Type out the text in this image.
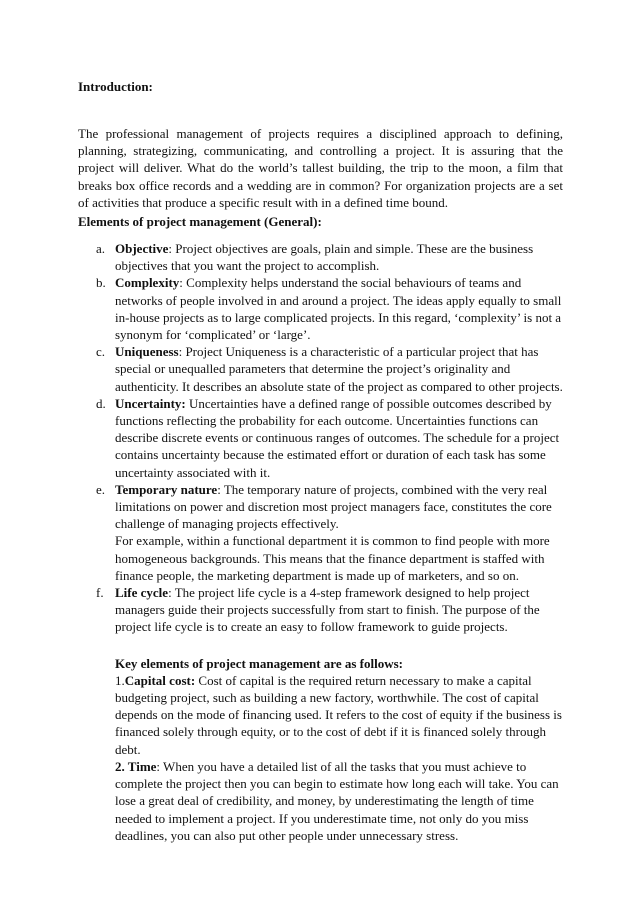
Introduction:
The professional management of projects requires a disciplined approach to defining, planning, strategizing, communicating, and controlling a project. It is assuring that the project will deliver. What do the world’s tallest building, the trip to the moon, a film that breaks box office records and a wedding are in common? For organization projects are a set of activities that produce a specific result with in a defined time bound.
Elements of project management (General):
a. Objective: Project objectives are goals, plain and simple. These are the business objectives that you want the project to accomplish.

b. Complexity: Complexity helps understand the social behaviours of teams and networks of people involved in and around a project. The ideas apply equally to small in-house projects as to large complicated projects. In this regard, ‘complexity’ is not a synonym for ‘complicated’ or ‘large’.

c. Uniqueness: Project Uniqueness is a characteristic of a particular project that has special or unequalled parameters that determine the project’s originality and authenticity. It describes an absolute state of the project as compared to other projects.

d. Uncertainty: Uncertainties have a defined range of possible outcomes described by functions reflecting the probability for each outcome. Uncertainties functions can describe discrete events or continuous ranges of outcomes. The schedule for a project contains uncertainty because the estimated effort or duration of each task has some uncertainty associated with it.

e. Temporary nature: The temporary nature of projects, combined with the very real limitations on power and discretion most project managers face, constitutes the core challenge of managing projects effectively.

For example, within a functional department it is common to find people with more homogeneous backgrounds. This means that the finance department is staffed with finance people, the marketing department is made up of marketers, and so on.

f. Life cycle: The project life cycle is a 4-step framework designed to help project managers guide their projects successfully from start to finish. The purpose of the project life cycle is to create an easy to follow framework to guide projects.

Key elements of project management are as follows:

1.Capital cost: Cost of capital is the required return necessary to make a capital budgeting project, such as building a new factory, worthwhile. The cost of capital depends on the mode of financing used. It refers to the cost of equity if the business is financed solely through equity, or to the cost of debt if it is financed solely through debt.

2. Time: When you have a detailed list of all the tasks that you must achieve to complete the project then you can begin to estimate how long each will take. You can lose a great deal of credibility, and money, by underestimating the length of time needed to implement a project. If you underestimate time, not only do you miss deadlines, you can also put other people under unnecessary stress.
